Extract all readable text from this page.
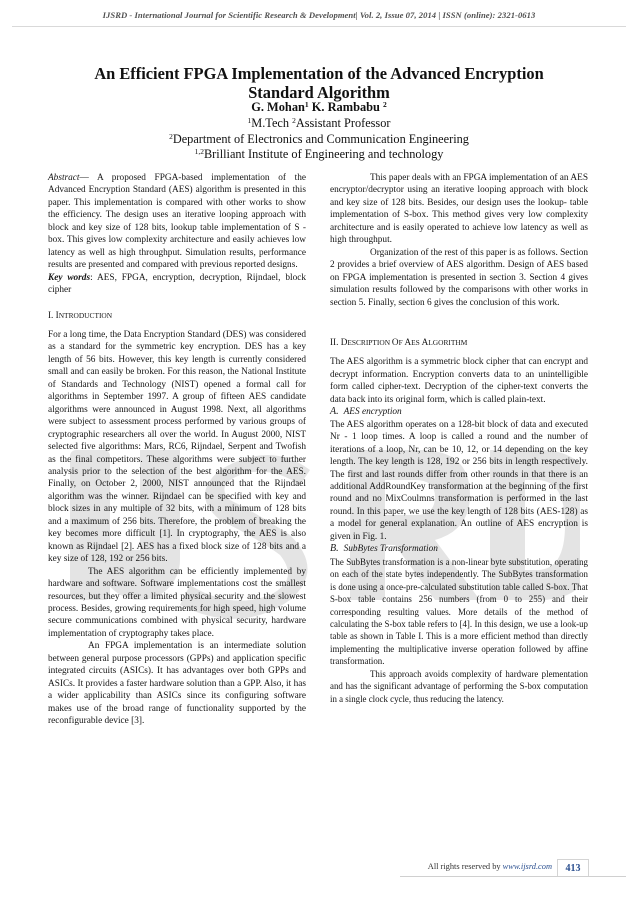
IJSRD - International Journal for Scientific Research & Development| Vol. 2, Issue 07, 2014 | ISSN (online): 2321-0613
An Efficient FPGA Implementation of the Advanced Encryption Standard Algorithm
G. Mohan$^1$ K. Rambabu $^2$
$^1$M.Tech $^2$Assistant Professor
$^2$Department of Electronics and Communication Engineering
$^{1,2}$Brilliant Institute of Engineering and technology

Abstract— A proposed FPGA-based implementation of the Advanced Encryption Standard (AES) algorithm is presented in this paper. This implementation is compared with other works to show the efficiency. The design uses an iterative looping approach with block and key size of 128 bits, lookup table implementation of S -box. This gives low complexity architecture and easily achieves low latency as well as high throughput. Simulation results, performance results are presented and compared with previous reported designs.

Key words: AES, FPGA, encryption, decryption, Rijndael, block cipher

I. INTRODUCTION

For a long time, the Data Encryption Standard (DES) was considered as a standard for the symmetric key encryption. DES has a key length of 56 bits. However, this key length is currently considered small and can easily be broken. For this reason, the National Institute of Standards and Technology (NIST) opened a formal call for algorithms in September 1997. A group of fifteen AES candidate algorithms were announced in August 1998. Next, all algorithms were subject to assessment process performed by various groups of cryptographic researchers all over the world. In August 2000, NIST selected five algorithms: Mars, RC6, Rijndael, Serpent and Twofish as the final competitors. These algorithms were subject to further analysis prior to the selection of the best algorithm for the AES. Finally, on October 2, 2000, NIST announced that the Rijndael algorithm was the winner. Rijndael can be specified with key and block sizes in any multiple of 32 bits, with a minimum of 128 bits and a maximum of 256 bits. Therefore, the problem of breaking the key becomes more difficult [1]. In cryptography, the AES is also known as Rijndael [2]. AES has a fixed block size of 128 bits and a key size of 128, 192 or 256 bits.

The AES algorithm can be efficiently implemented by hardware and software. Software implementations cost the smallest resources, but they offer a limited physical security and the slowest process. Besides, growing requirements for high speed, high volume secure communications combined with physical security, hardware implementation of cryptography takes place.

An FPGA implementation is an intermediate solution between general purpose processors (GPPs) and application specific integrated circuits (ASICs). It has advantages over both GPPs and ASICs. It provides a faster hardware solution than a GPP. Also, it has a wider applicability than ASICs since its configuring software makes use of the broad range of functionality supported by the reconfigurable device [3].

This paper deals with an FPGA implementation of an AES encryptor/decryptor using an iterative looping approach with block and key size of 128 bits. Besides, our design uses the lookup- table implementation of S-box. This method gives very low complexity architecture and is easily operated to achieve low latency as well as high throughput.

Organization of the rest of this paper is as follows. Section 2 provides a brief overview of AES algorithm. Design of AES based on FPGA implementation is presented in section 3. Section 4 gives simulation results followed by the comparisons with other works in section 5. Finally, section 6 gives the conclusion of this work.

II. DESCRIPTION OF AES ALGORITHM

The AES algorithm is a symmetric block cipher that can encrypt and decrypt information. Encryption converts data to an unintelligible form called cipher-text. Decryption of the cipher-text converts the data back into its original form, which is called plain-text.

A. AES encryption

The AES algorithm operates on a 128-bit block of data and executed Nr - 1 loop times. A loop is called a round and the number of iterations of a loop, Nr, can be 10, 12, or 14 depending on the key length. The key length is 128, 192 or 256 bits in length respectively. The first and last rounds differ from other rounds in that there is an additional AddRoundKey transformation at the beginning of the first round and no MixCoulmns transformation is performed in the last round. In this paper, we use the key length of 128 bits (AES-128) as a model for general explanation. An outline of AES encryption is given in Fig. 1.

B. SubBytes Transformation

The SubBytes transformation is a non-linear byte substitution, operating on each of the state bytes independently. The SubBytes transformation is done using a once-pre-calculated substitution table called S-box. That S-box table contains 256 numbers (from 0 to 255) and their corresponding resulting values. More details of the method of calculating the S-box table refers to [4]. In this design, we use a look-up table as shown in Table I. This is a more efficient method than directly implementing the multiplicative inverse operation followed by affine transformation.

This approach avoids complexity of hardware plementation and has the significant advantage of performing the S-box computation in a single clock cycle, thus reducing the latency.

All rights reserved by www.ijsrd.com	413
